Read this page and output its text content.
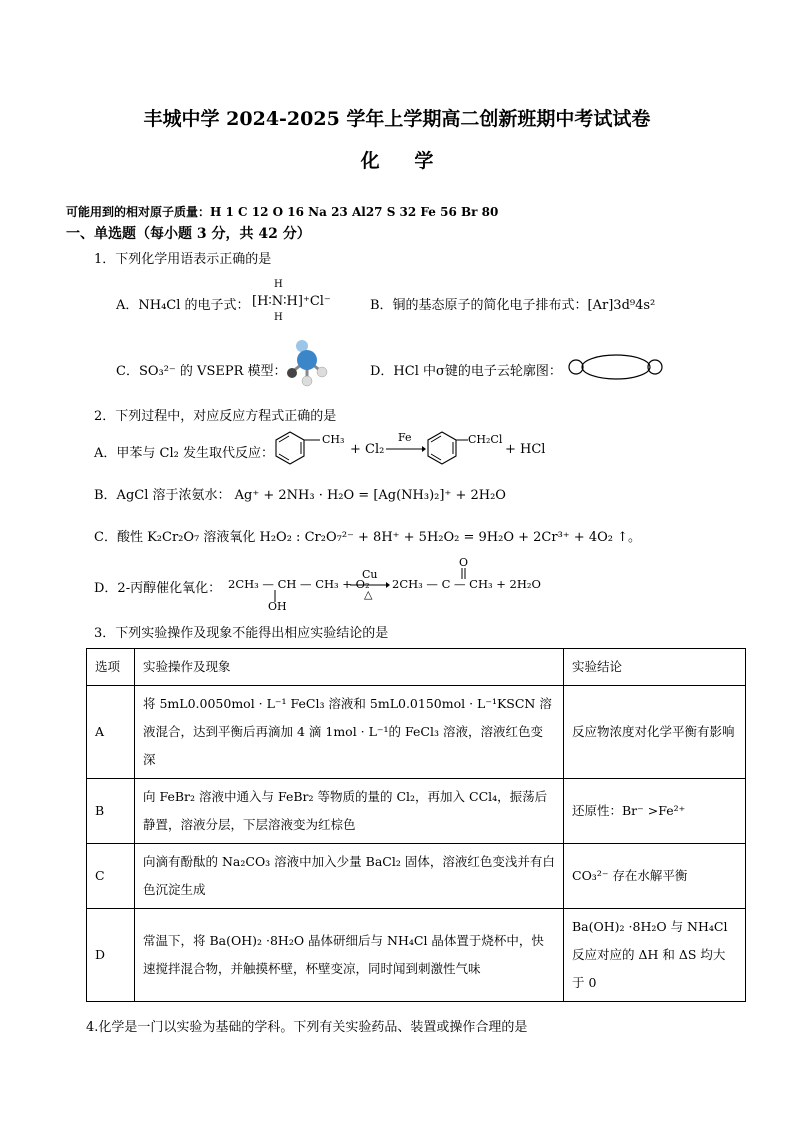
丰城中学 2024-2025 学年上学期高二创新班期中考试试卷
化 学
可能用到的相对原子质量：H 1 C 12 O 16 Na 23 Al27 S 32 Fe 56 Br 80
一、单选题（每小题 3 分，共 42 分）
1．下列化学用语表示正确的是
A．NH₄Cl 的电子式：
H
[H∶N∶H]⁺Cl⁻
H
B．铜的基态原子的简化电子排布式：[Ar]3d⁹4s²
C．SO₃²⁻ 的 VSEPR 模型：	D．HCl 中σ键的电子云轮廓图：
2．下列过程中，对应反应方程式正确的是
A．甲苯与 Cl₂ 发生取代反应：
CH₃
+ Cl₂
Fe	CH₂Cl
+ HCl
B．AgCl 溶于浓氨水： Ag⁺ + 2NH₃ · H₂O = [Ag(NH₃)₂]⁺ + 2H₂O
C．酸性 K₂Cr₂O₇ 溶液氧化 H₂O₂ : Cr₂O₇²⁻ + 8H⁺ + 5H₂O₂ = 9H₂O + 2Cr³⁺ + 4O₂ ↑。
D．2-丙醇催化氧化： 2CH₃ — CH — CH₃ + O₂
OH
Cu
△
2CH₃ — C — CH₃ + 2H₂O
O
3．下列实验操作及现象不能得出相应实验结论的是
选项	实验操作及现象	实验结论
A	将 5mL0.0050mol · L⁻¹ FeCl₃ 溶液和 5mL0.0150mol · L⁻¹KSCN 溶液混合，达到平衡后再滴加 4 滴 1mol · L⁻¹的 FeCl₃ 溶液，溶液红色变深	反应物浓度对化学平衡有影响
B	向 FeBr₂ 溶液中通入与 FeBr₂ 等物质的量的 Cl₂，再加入 CCl₄，振荡后静置，溶液分层，下层溶液变为红棕色	还原性：Br⁻ >Fe²⁺
C	向滴有酚酞的 Na₂CO₃ 溶液中加入少量 BaCl₂ 固体，溶液红色变浅并有白色沉淀生成	CO₃²⁻ 存在水解平衡
D	常温下，将 Ba(OH)₂ ·8H₂O 晶体研细后与 NH₄Cl 晶体置于烧杯中，快速搅拌混合物，并触摸杯壁，杯壁变凉，同时闻到刺激性气味	Ba(OH)₂ ·8H₂O 与 NH₄Cl 反应对应的 ΔH 和 ΔS 均大于 0
4.化学是一门以实验为基础的学科。下列有关实验药品、装置或操作合理的是
